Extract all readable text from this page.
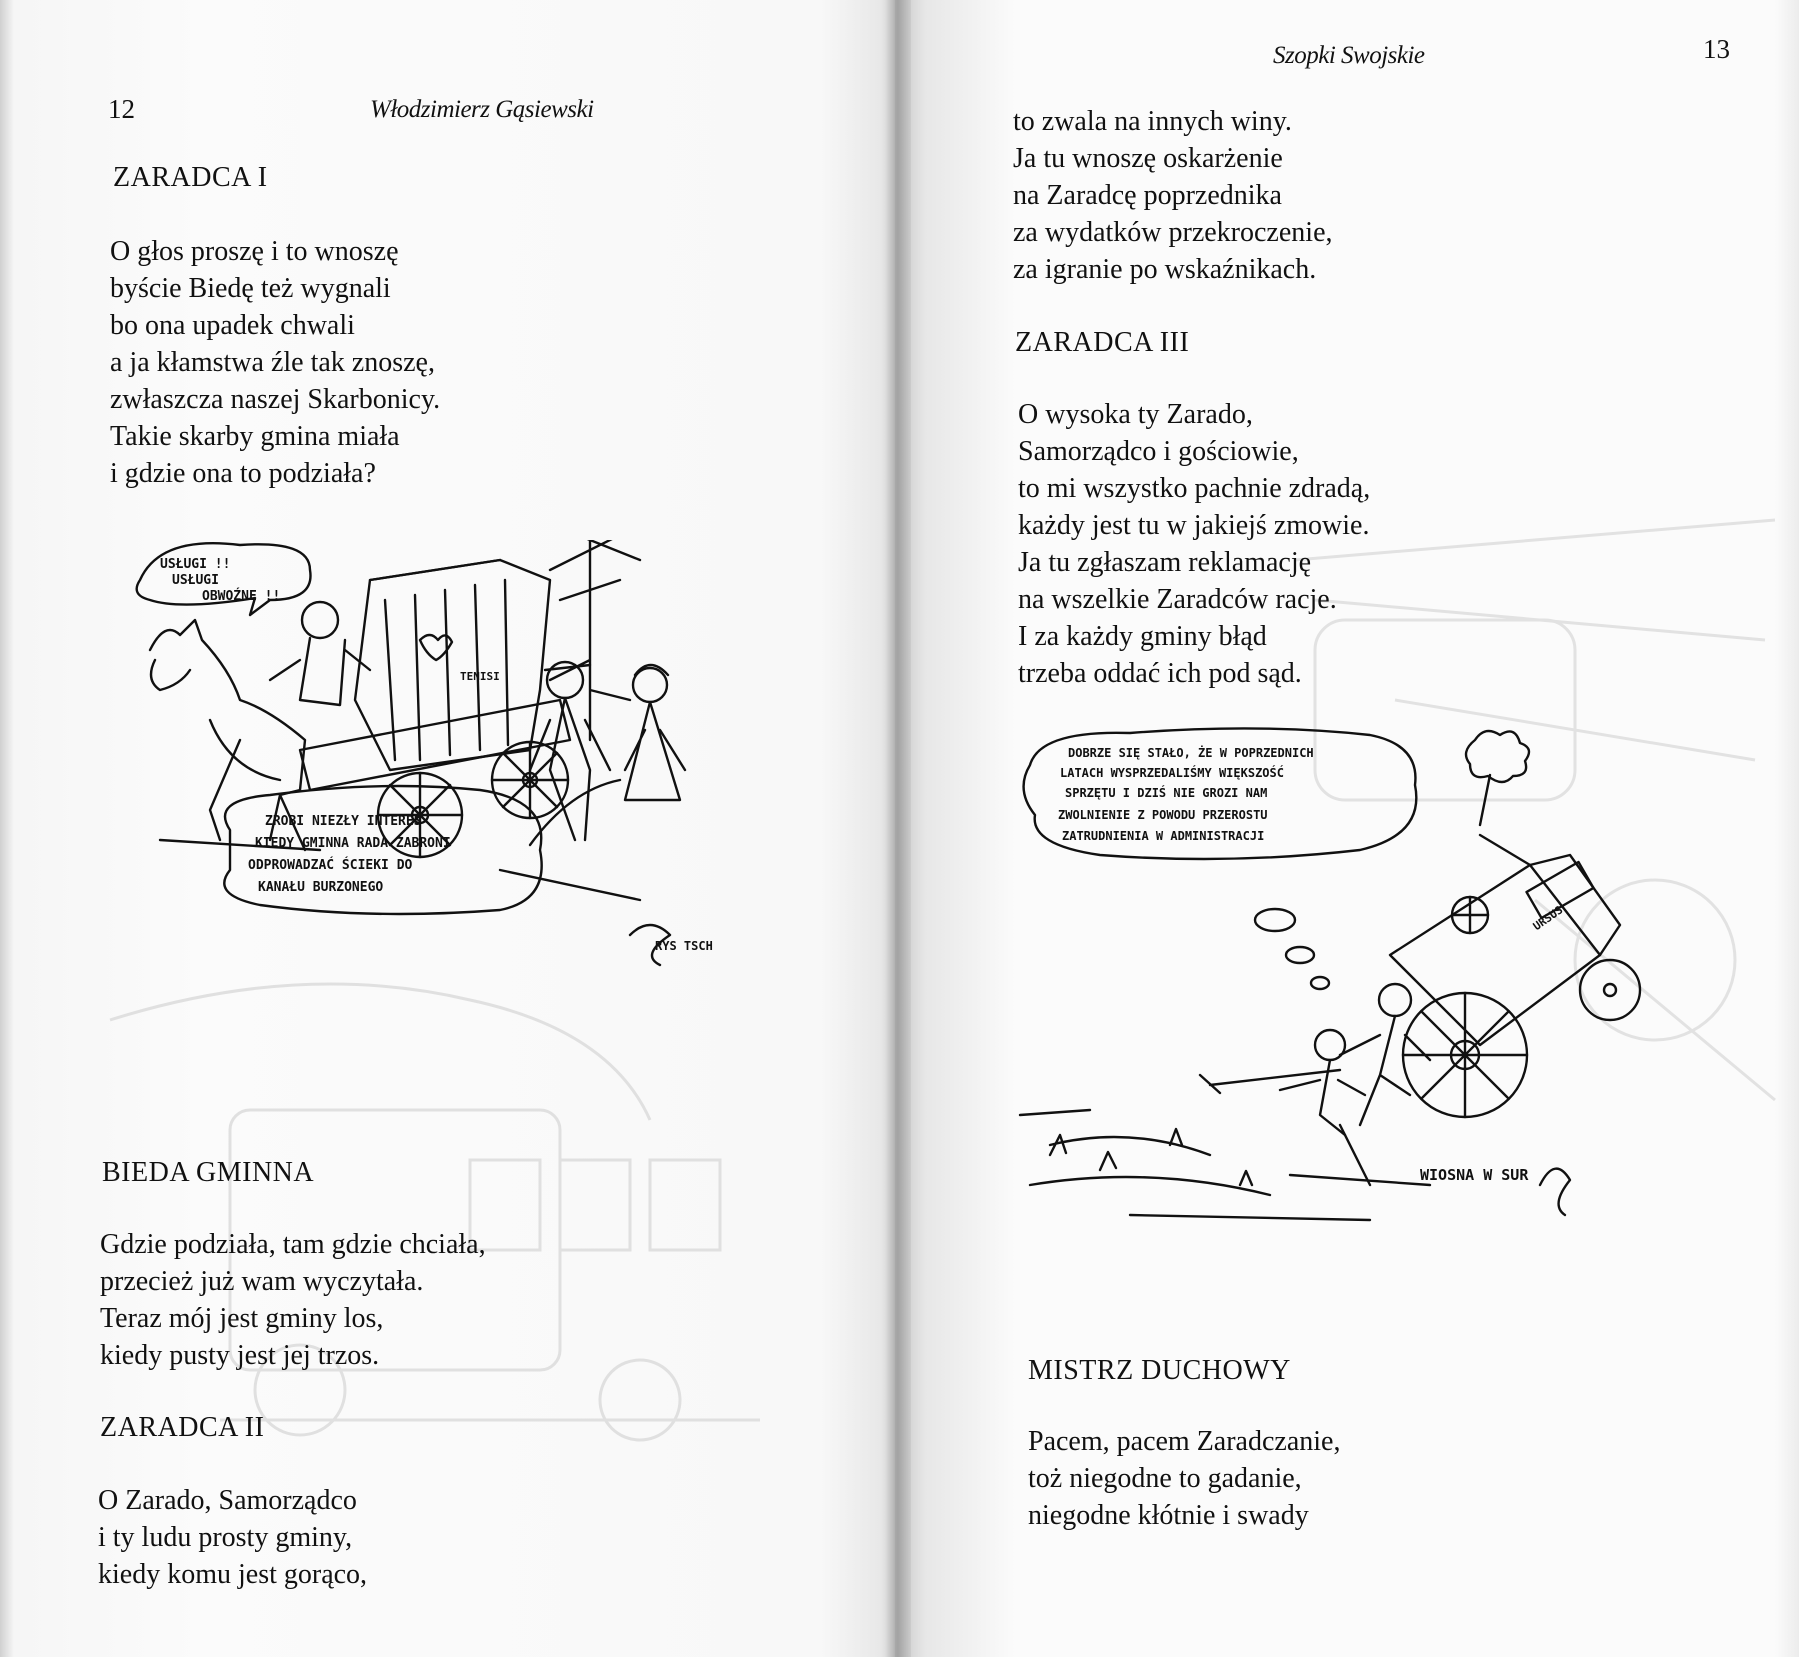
12	Włodzimierz Gąsiewski
ZARADCA I
O głos proszę i to wnoszę
byście Biedę też wygnali
bo ona upadek chwali
a ja kłamstwa źle tak znoszę,
zwłaszcza naszej Skarbonicy.
Takie skarby gmina miała
i gdzie ona to podziała?
USŁUGI !!
USŁUGI
OBWOŹNE !!
TENISI
ZROBI NIEZŁY INTERES
KIEDY GMINNA RADA ZABRONI
ODPROWADZAĆ ŚCIEKI DO
KANAŁU BURZONEGO
RYS TSCH
BIEDA GMINNA
Gdzie podziała, tam gdzie chciała,
przecież już wam wyczytała.
Teraz mój jest gminy los,
kiedy pusty jest jej trzos.
ZARADCA II
O Zarado, Samorządco
i ty ludu prosty gminy,
kiedy komu jest gorąco,
Szopki Swojskie	13
to zwala na innych winy.
Ja tu wnoszę oskarżenie
na Zaradcę poprzednika
za wydatków przekroczenie,
za igranie po wskaźnikach.
ZARADCA III
O wysoka ty Zarado,
Samorządco i gościowie,
to mi wszystko pachnie zdradą,
każdy jest tu w jakiejś zmowie.
Ja tu zgłaszam reklamację
na wszelkie Zaradców racje.
I za każdy gminy błąd
trzeba oddać ich pod sąd.
DOBRZE SIĘ STAŁO, ŻE W POPRZEDNICH
LATACH WYSPRZEDALIŚMY WIĘKSZOŚĆ
SPRZĘTU I DZIŚ NIE GROZI NAM
ZWOLNIENIE Z POWODU PRZEROSTU
ZATRUDNIENIA W ADMINISTRACJI
URSUS
WIOSNA W SUR
MISTRZ DUCHOWY
Pacem, pacem Zaradczanie,
toż niegodne to gadanie,
niegodne kłótnie i swady
